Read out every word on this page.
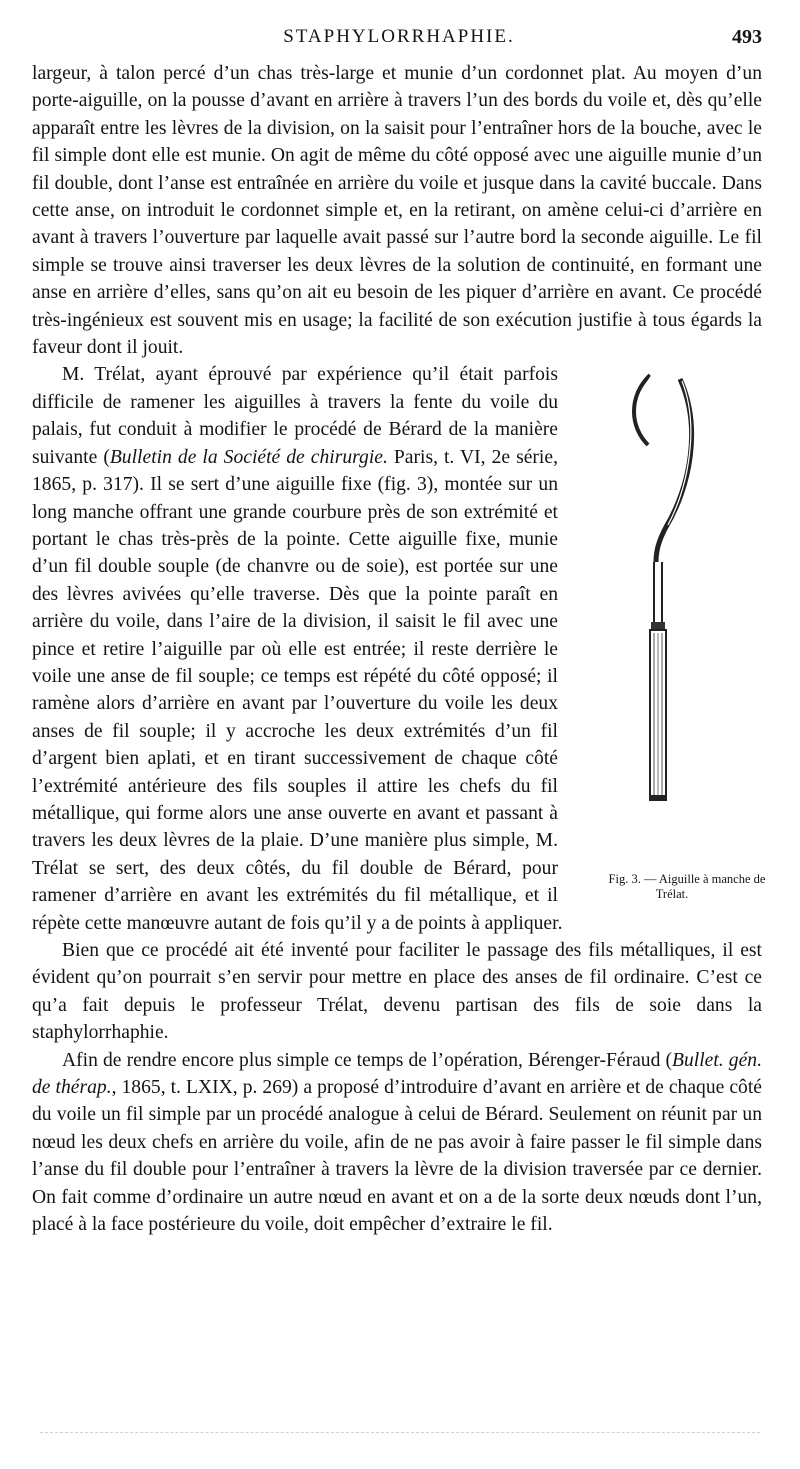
STAPHYLORRHAPHIE.	493

largeur, à talon percé d’un chas très-large et munie d’un cordonnet plat. Au moyen d’un porte-aiguille, on la pousse d’avant en arrière à travers l’un des bords du voile et, dès qu’elle apparaît entre les lèvres de la division, on la saisit pour l’entraîner hors de la bouche, avec le fil simple dont elle est munie. On agit de même du côté opposé avec une aiguille munie d’un fil double, dont l’anse est entraînée en arrière du voile et jusque dans la cavité buccale. Dans cette anse, on introduit le cordonnet simple et, en la retirant, on amène celui-ci d’arrière en avant à travers l’ouverture par laquelle avait passé sur l’autre bord la seconde aiguille. Le fil simple se trouve ainsi traverser les deux lèvres de la solution de continuité, en formant une anse en arrière d’elles, sans qu’on ait eu besoin de les piquer d’arrière en avant. Ce procédé très-ingénieux est souvent mis en usage; la facilité de son exécution justifie à tous égards la faveur dont il jouit.

Fig. 3. — Aiguille à manche de Trélat.
M. Trélat, ayant éprouvé par expérience qu’il était parfois difficile de ramener les aiguilles à travers la fente du voile du palais, fut conduit à modifier le procédé de Bérard de la manière suivante (Bulletin de la Société de chirurgie. Paris, t. VI, 2e série, 1865, p. 317). Il se sert d’une aiguille fixe (fig. 3), montée sur un long manche offrant une grande courbure près de son extrémité et portant le chas très-près de la pointe. Cette aiguille fixe, munie d’un fil double souple (de chanvre ou de soie), est portée sur une des lèvres avivées qu’elle traverse. Dès que la pointe paraît en arrière du voile, dans l’aire de la division, il saisit le fil avec une pince et retire l’aiguille par où elle est entrée; il reste derrière le voile une anse de fil souple; ce temps est répété du côté opposé; il ramène alors d’arrière en avant par l’ouverture du voile les deux anses de fil souple; il y accroche les deux extrémités d’un fil d’argent bien aplati, et en tirant successivement de chaque côté l’extrémité antérieure des fils souples il attire les chefs du fil métallique, qui forme alors une anse ouverte en avant et passant à travers les deux lèvres de la plaie. D’une manière plus simple, M. Trélat se sert, des deux côtés, du fil double de Bérard, pour ramener d’arrière en avant les extrémités du fil métallique, et il répète cette manœuvre autant de fois qu’il y a de points à appliquer.

Bien que ce procédé ait été inventé pour faciliter le passage des fils métalliques, il est évident qu’on pourrait s’en servir pour mettre en place des anses de fil ordinaire. C’est ce qu’a fait depuis le professeur Trélat, devenu partisan des fils de soie dans la staphylorrhaphie.

Afin de rendre encore plus simple ce temps de l’opération, Bérenger-Féraud (Bullet. gén. de thérap., 1865, t. LXIX, p. 269) a proposé d’introduire d’avant en arrière et de chaque côté du voile un fil simple par un procédé analogue à celui de Bérard. Seulement on réunit par un nœud les deux chefs en arrière du voile, afin de ne pas avoir à faire passer le fil simple dans l’anse du fil double pour l’entraîner à travers la lèvre de la division traversée par ce dernier. On fait comme d’ordinaire un autre nœud en avant et on a de la sorte deux nœuds dont l’un, placé à la face postérieure du voile, doit empêcher d’extraire le fil.
